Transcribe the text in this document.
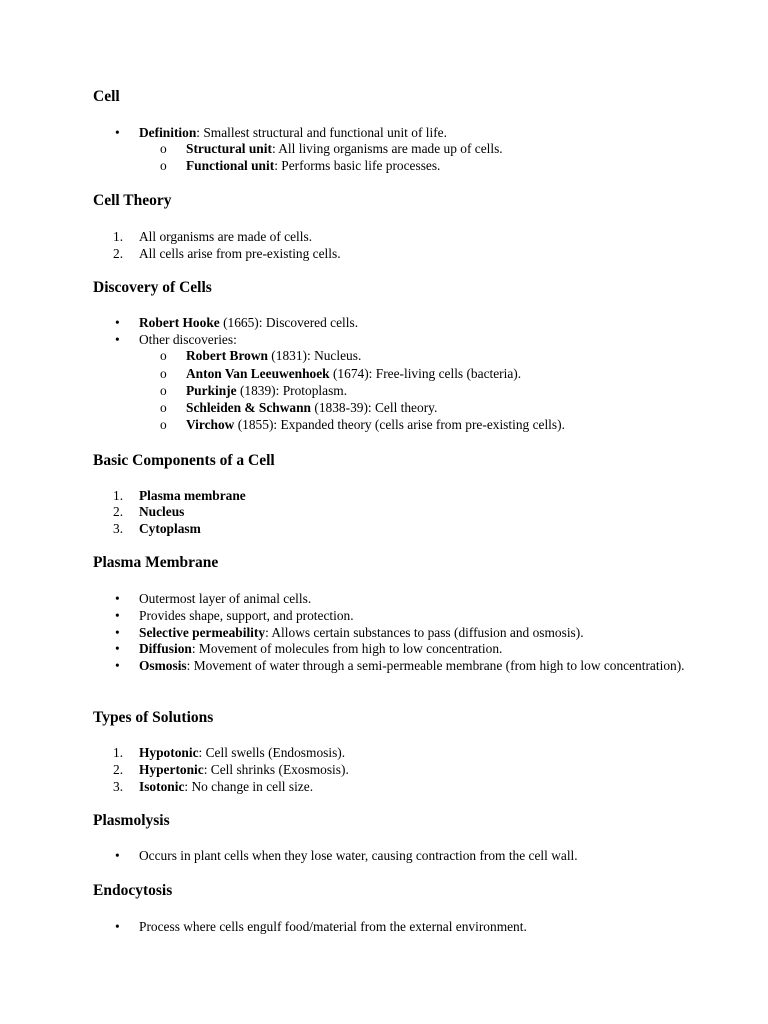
Cell
• Definition: Smallest structural and functional unit of life.
o Structural unit: All living organisms are made up of cells.
o Functional unit: Performs basic life processes.
Cell Theory
1. All organisms are made of cells.
2. All cells arise from pre-existing cells.
Discovery of Cells
• Robert Hooke (1665): Discovered cells.
• Other discoveries:
o Robert Brown (1831): Nucleus.
o Anton Van Leeuwenhoek (1674): Free-living cells (bacteria).
o Purkinje (1839): Protoplasm.
o Schleiden & Schwann (1838-39): Cell theory.
o Virchow (1855): Expanded theory (cells arise from pre-existing cells).
Basic Components of a Cell
1. Plasma membrane
2. Nucleus
3. Cytoplasm
Plasma Membrane
• Outermost layer of animal cells.
• Provides shape, support, and protection.
• Selective permeability: Allows certain substances to pass (diffusion and osmosis).
• Diffusion: Movement of molecules from high to low concentration.
• Osmosis: Movement of water through a semi-permeable membrane (from high to low concentration).
Types of Solutions
1. Hypotonic: Cell swells (Endosmosis).
2. Hypertonic: Cell shrinks (Exosmosis).
3. Isotonic: No change in cell size.
Plasmolysis
• Occurs in plant cells when they lose water, causing contraction from the cell wall.
Endocytosis
• Process where cells engulf food/material from the external environment.
